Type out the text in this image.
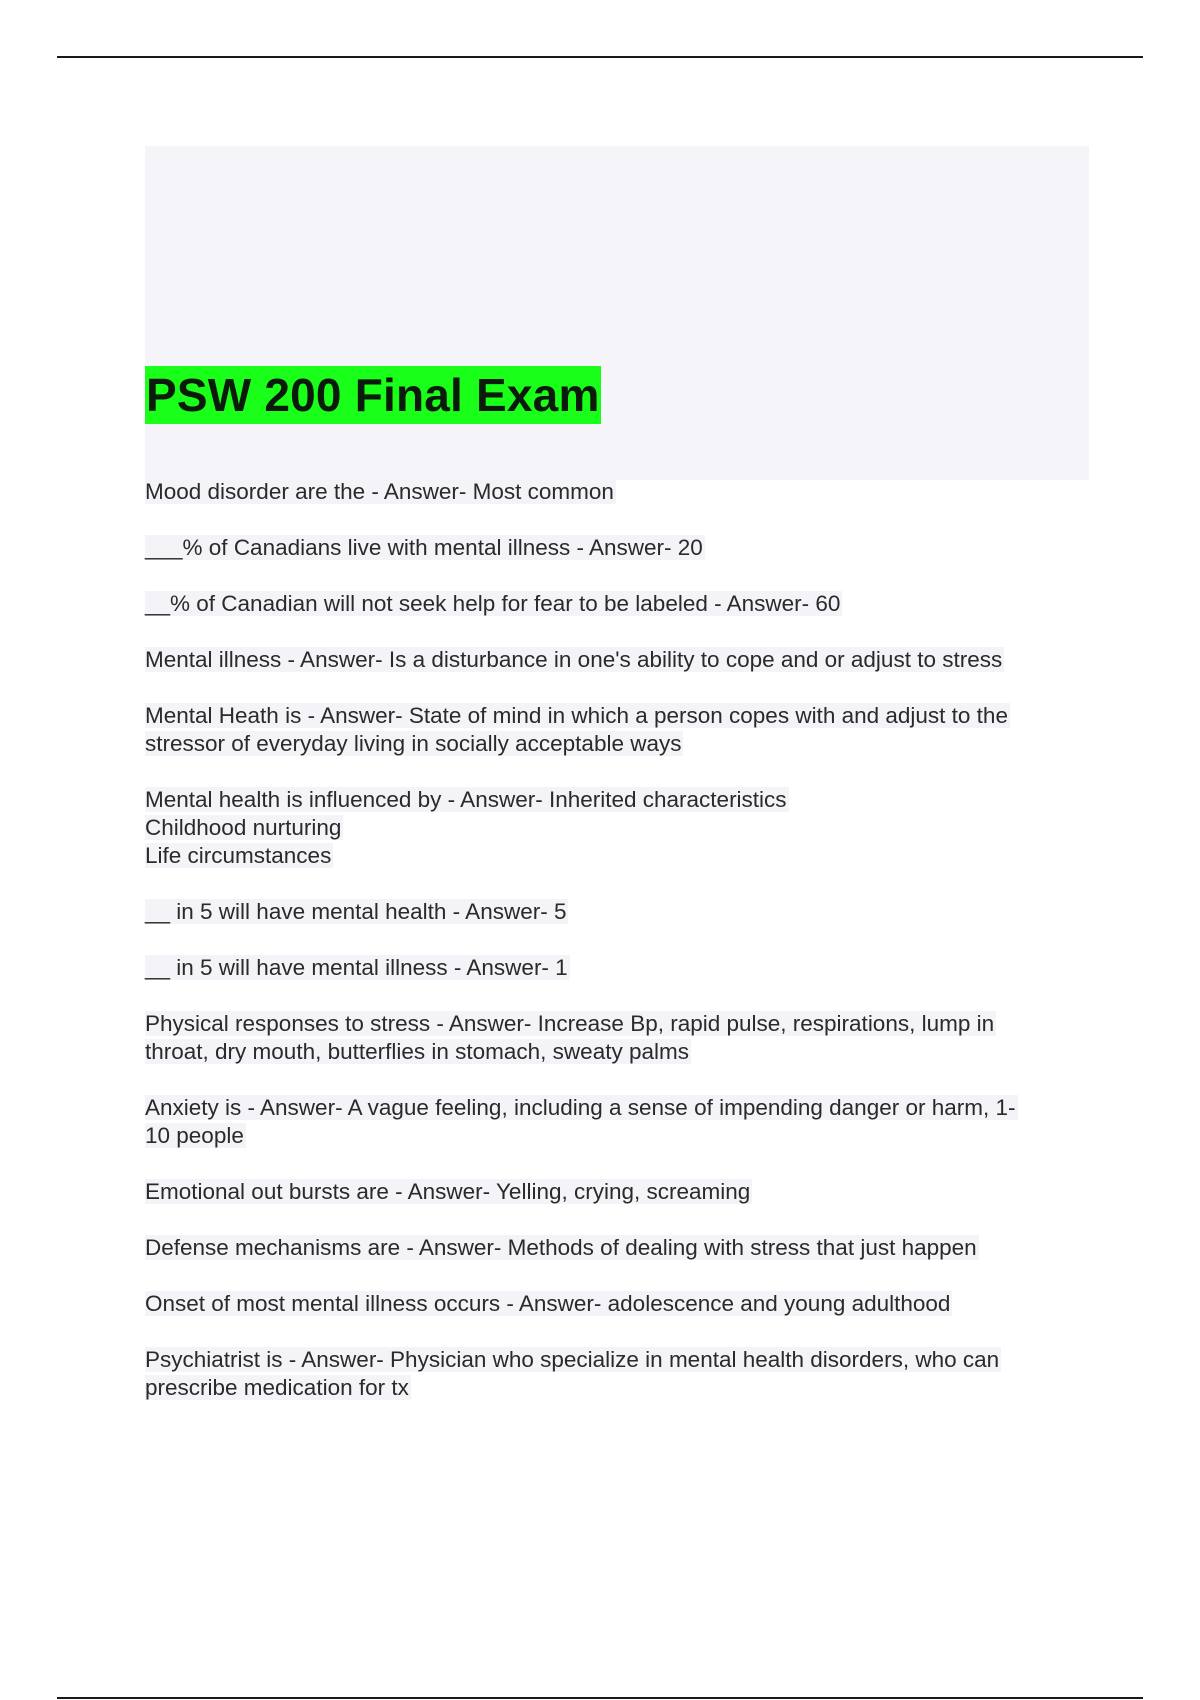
PSW 200 Final Exam
Mood disorder are the - Answer- Most common
___% of Canadians live with mental illness - Answer- 20
__% of Canadian will not seek help for fear to be labeled - Answer- 60
Mental illness - Answer- Is a disturbance in one's ability to cope and or adjust to stress
Mental Heath is - Answer- State of mind in which a person copes with and adjust to the
stressor of everyday living in socially acceptable ways
Mental health is influenced by - Answer- Inherited characteristics
Childhood nurturing
Life circumstances
__ in 5 will have mental health - Answer- 5
__ in 5 will have mental illness - Answer- 1
Physical responses to stress - Answer- Increase Bp, rapid pulse, respirations, lump in
throat, dry mouth, butterflies in stomach, sweaty palms
Anxiety is - Answer- A vague feeling, including a sense of impending danger or harm, 1-
10 people
Emotional out bursts are - Answer- Yelling, crying, screaming
Defense mechanisms are - Answer- Methods of dealing with stress that just happen
Onset of most mental illness occurs - Answer- adolescence and young adulthood
Psychiatrist is - Answer- Physician who specialize in mental health disorders, who can
prescribe medication for tx
